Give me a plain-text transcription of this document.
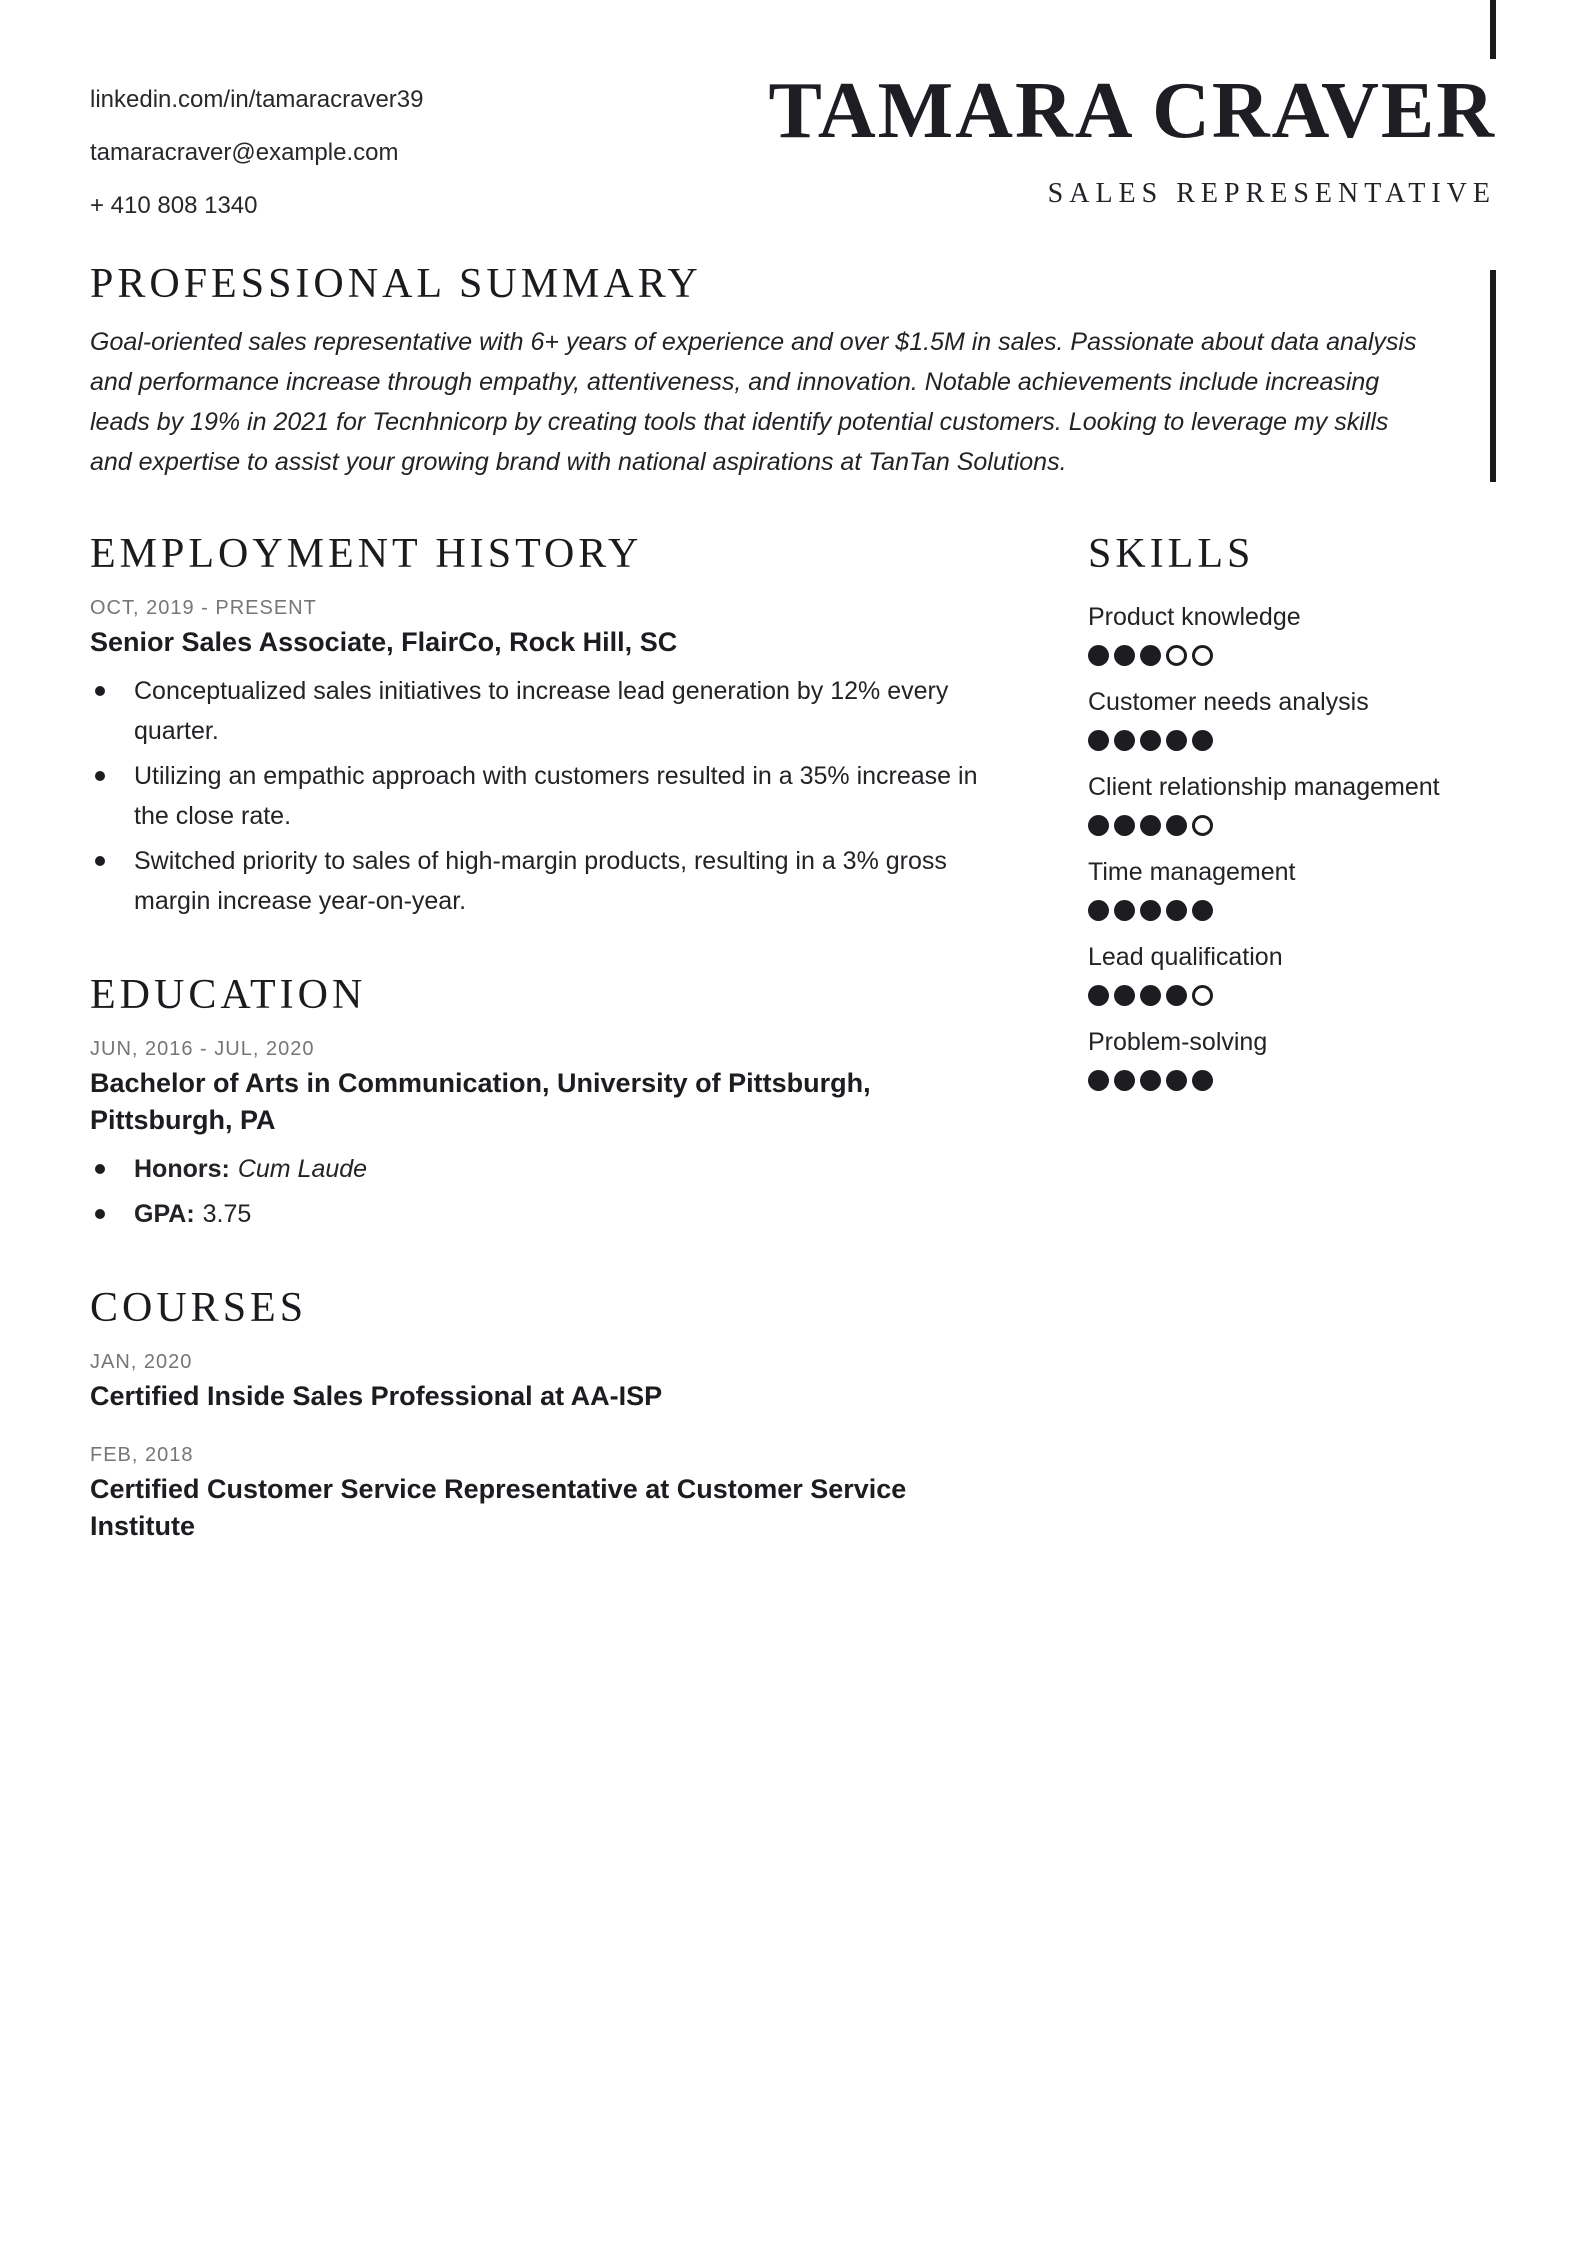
linkedin.com/in/tamaracraver39
tamaracraver@example.com
+ 410 808 1340
TAMARA CRAVER
SALES REPRESENTATIVE
PROFESSIONAL SUMMARY

Goal-oriented sales representative with 6+ years of experience and over $1.5M in sales. Passionate about data analysis and performance increase through empathy, attentiveness, and innovation. Notable achievements include increasing leads by 19% in 2021 for Tecnhnicorp by creating tools that identify potential customers. Looking to leverage my skills and expertise to assist your growing brand with national aspirations at TanTan Solutions.

EMPLOYMENT HISTORY
OCT, 2019 - PRESENT
Senior Sales Associate, FlairCo, Rock Hill, SC
Conceptualized sales initiatives to increase lead generation by 12% every quarter.
Utilizing an empathic approach with customers resulted in a 35% increase in the close rate.
Switched priority to sales of high-margin products, resulting in a 3% gross margin increase year-on-year.
EDUCATION
JUN, 2016 - JUL, 2020
Bachelor of Arts in Communication, University of Pittsburgh, Pittsburgh, PA
Honors: Cum Laude
GPA: 3.75
COURSES
JAN, 2020
Certified Inside Sales Professional at AA-ISP
FEB, 2018
Certified Customer Service Representative at Customer Service Institute
SKILLS
Product knowledge
Customer needs analysis
Client relationship management
Time management
Lead qualification
Problem-solving
